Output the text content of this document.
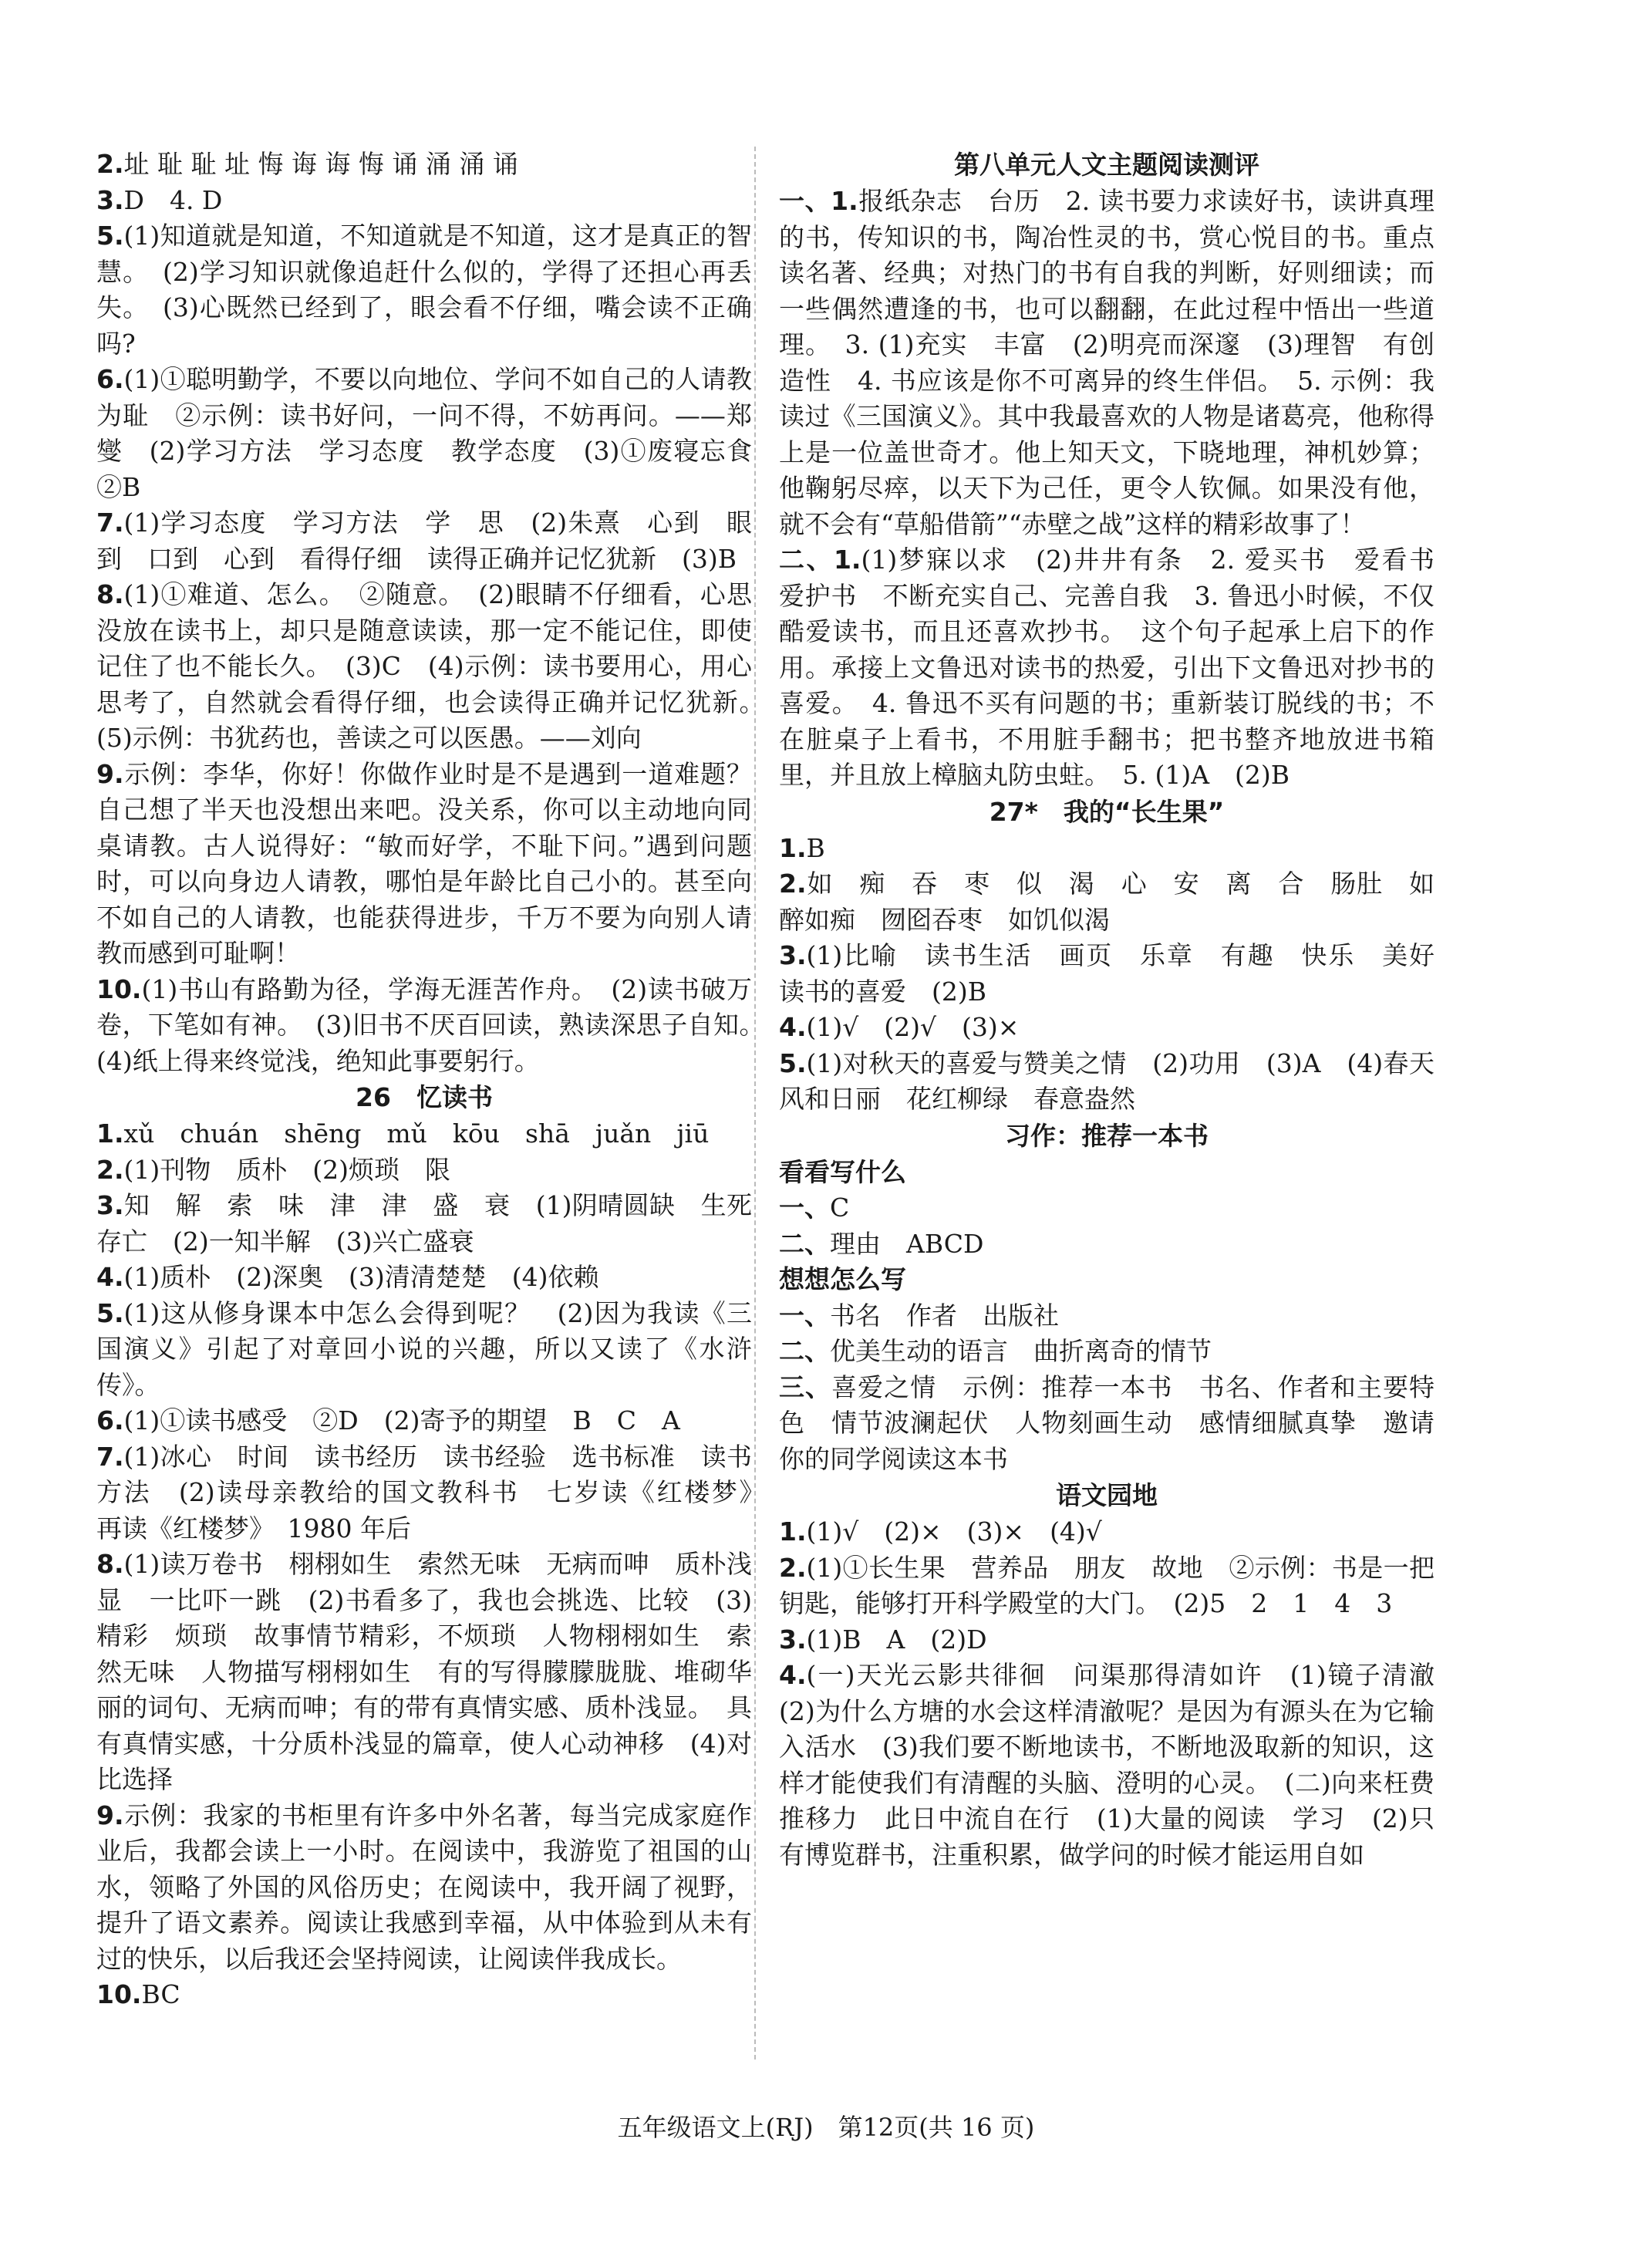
2.址 耻 耻 址 悔 诲 诲 悔 诵 涌 涌 诵

3.D　4. D

5.(1)知道就是知道，不知道就是不知道，这才是真正的智慧。　(2)学习知识就像追赶什么似的，学得了还担心再丢失。　(3)心既然已经到了，眼会看不仔细，嘴会读不正确吗?

6.(1)①聪明勤学，不要以向地位、学问不如自己的人请教为耻　②示例：读书好问，一问不得，不妨再问。——郑燮　(2)学习方法　学习态度　教学态度　(3)①废寝忘食　②B

7.(1)学习态度　学习方法　学　思　(2)朱熹　心到　眼到　口到　心到　看得仔细　读得正确并记忆犹新　(3)B

8.(1)①难道、怎么。　②随意。　(2)眼睛不仔细看，心思没放在读书上，却只是随意读读，那一定不能记住，即使记住了也不能长久。　(3)C　(4)示例：读书要用心，用心思考了，自然就会看得仔细，也会读得正确并记忆犹新。　(5)示例：书犹药也，善读之可以医愚。——刘向

9.示例：李华，你好！你做作业时是不是遇到一道难题？自己想了半天也没想出来吧。没关系，你可以主动地向同桌请教。古人说得好：“敏而好学，不耻下问。”遇到问题时，可以向身边人请教，哪怕是年龄比自己小的。甚至向不如自己的人请教，也能获得进步，千万不要为向别人请教而感到可耻啊！

10.(1)书山有路勤为径，学海无涯苦作舟。　(2)读书破万卷，下笔如有神。　(3)旧书不厌百回读，熟读深思子自知。　(4)纸上得来终觉浅，绝知此事要躬行。

26　忆读书

1.xǔ　chuán　shēng　mǔ　kōu　shā　juǎn　jiū

2.(1)刊物　质朴　(2)烦琐　限

3.知　解　索　味　津　津　盛　衰　(1)阴晴圆缺　生死存亡　(2)一知半解　(3)兴亡盛衰

4.(1)质朴　(2)深奥　(3)清清楚楚　(4)依赖

5.(1)这从修身课本中怎么会得到呢？　(2)因为我读《三国演义》引起了对章回小说的兴趣，所以又读了《水浒传》。

6.(1)①读书感受　②D　(2)寄予的期望　B　C　A

7.(1)冰心　时间　读书经历　读书经验　选书标准　读书方法　(2)读母亲教给的国文教科书　七岁读《红楼梦》　再读《红楼梦》　1980 年后

8.(1)读万卷书　栩栩如生　索然无味　无病而呻　质朴浅显　一比吓一跳　(2)书看多了，我也会挑选、比较　(3)精彩　烦琐　故事情节精彩，不烦琐　人物栩栩如生　索然无味　人物描写栩栩如生　有的写得朦朦胧胧、堆砌华丽的词句、无病而呻；有的带有真情实感、质朴浅显。　具有真情实感，十分质朴浅显的篇章，使人心动神移　(4)对比选择

9.示例：我家的书柜里有许多中外名著，每当完成家庭作业后，我都会读上一小时。在阅读中，我游览了祖国的山水，领略了外国的风俗历史；在阅读中，我开阔了视野，提升了语文素养。阅读让我感到幸福，从中体验到从未有过的快乐，以后我还会坚持阅读，让阅读伴我成长。

10.BC

第八单元人文主题阅读测评

一、1.报纸杂志　台历　2. 读书要力求读好书，读讲真理的书，传知识的书，陶冶性灵的书，赏心悦目的书。重点读名著、经典；对热门的书有自我的判断，好则细读；而一些偶然遭逢的书，也可以翻翻，在此过程中悟出一些道理。　3. (1)充实　丰富　(2)明亮而深邃　(3)理智　有创造性　4. 书应该是你不可离异的终生伴侣。　5. 示例：我读过《三国演义》。其中我最喜欢的人物是诸葛亮，他称得上是一位盖世奇才。他上知天文，下晓地理，神机妙算；他鞠躬尽瘁，以天下为己任，更令人钦佩。如果没有他，就不会有“草船借箭”“赤壁之战”这样的精彩故事了！

二、1.(1)梦寐以求　(2)井井有条　2. 爱买书　爱看书　爱护书　不断充实自己、完善自我　3. 鲁迅小时候，不仅酷爱读书，而且还喜欢抄书。　这个句子起承上启下的作用。承接上文鲁迅对读书的热爱，引出下文鲁迅对抄书的喜爱。　4. 鲁迅不买有问题的书；重新装订脱线的书；不在脏桌子上看书，不用脏手翻书；把书整齐地放进书箱里，并且放上樟脑丸防虫蛀。　5. (1)A　(2)B

27*　我的“长生果”

1.B

2.如　痴　吞　枣　似　渴　心　安　离　合　肠肚　如醉如痴　囫囵吞枣　如饥似渴

3.(1)比喻　读书生活　画页　乐章　有趣　快乐　美好　读书的喜爱　(2)B

4.(1)√　(2)√　(3)×

5.(1)对秋天的喜爱与赞美之情　(2)功用　(3)A　(4)春天　风和日丽　花红柳绿　春意盎然

习作：推荐一本书
看看写什么

一、C

二、理由　ABCD

想想怎么写

一、书名　作者　出版社

二、优美生动的语言　曲折离奇的情节

三、喜爱之情　示例：推荐一本书　书名、作者和主要特色　情节波澜起伏　人物刻画生动　感情细腻真挚　邀请你的同学阅读这本书

语文园地

1.(1)√　(2)×　(3)×　(4)√

2.(1)①长生果　营养品　朋友　故地　②示例：书是一把钥匙，能够打开科学殿堂的大门。　(2)5　2　1　4　3

3.(1)B　A　(2)D

4.(一)天光云影共徘徊　问渠那得清如许　(1)镜子清澈　(2)为什么方塘的水会这样清澈呢？是因为有源头在为它输入活水　(3)我们要不断地读书，不断地汲取新的知识，这样才能使我们有清醒的头脑、澄明的心灵。　(二)向来枉费推移力　此日中流自在行　(1)大量的阅读　学习　(2)只有博览群书，注重积累，做学问的时候才能运用自如

五年级语文上(RJ)　第12页(共 16 页)
